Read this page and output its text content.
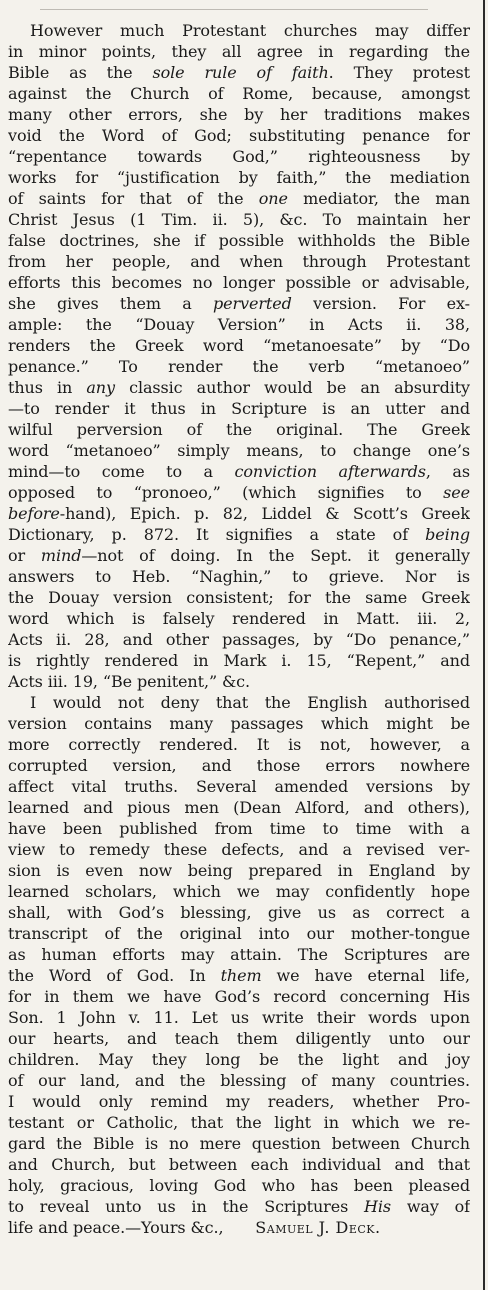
However much Protestant churches may differ
in minor points, they all agree in regarding the
Bible as the sole rule of faith. They protest
against the Church of Rome, because, amongst
many other errors, she by her traditions makes
void the Word of God; substituting penance for
“repentance towards God,” righteousness by
works for “justification by faith,” the mediation
of saints for that of the one mediator, the man
Christ Jesus (1 Tim. ii. 5), &c. To maintain her
false doctrines, she if possible withholds the Bible
from her people, and when through Protestant
efforts this becomes no longer possible or advisable,
she gives them a perverted version. For ex-
ample: the “Douay Version” in Acts ii. 38,
renders the Greek word “metanoesate” by “Do
penance.” To render the verb “metanoeo”
thus in any classic author would be an absurdity
—to render it thus in Scripture is an utter and
wilful perversion of the original. The Greek
word “metanoeo” simply means, to change one’s
mind—to come to a conviction afterwards, as
opposed to “pronoeo,” (which signifies to see
before-hand), Epich. p. 82, Liddel & Scott’s Greek
Dictionary, p. 872. It signifies a state of being
or mind—not of doing. In the Sept. it generally
answers to Heb. “Naghin,” to grieve. Nor is
the Douay version consistent; for the same Greek
word which is falsely rendered in Matt. iii. 2,
Acts ii. 28, and other passages, by “Do penance,”
is rightly rendered in Mark i. 15, “Repent,” and
Acts iii. 19, “Be penitent,” &c.
I would not deny that the English authorised
version contains many passages which might be
more correctly rendered. It is not, however, a
corrupted version, and those errors nowhere
affect vital truths. Several amended versions by
learned and pious men (Dean Alford, and others),
have been published from time to time with a
view to remedy these defects, and a revised ver-
sion is even now being prepared in England by
learned scholars, which we may confidently hope
shall, with God’s blessing, give us as correct a
transcript of the original into our mother-tongue
as human efforts may attain. The Scriptures are
the Word of God. In them we have eternal life,
for in them we have God’s record concerning His
Son. 1 John v. 11. Let us write their words upon
our hearts, and teach them diligently unto our
children. May they long be the light and joy
of our land, and the blessing of many countries.
I would only remind my readers, whether Pro-
testant or Catholic, that the light in which we re-
gard the Bible is no mere question between Church
and Church, but between each individual and that
holy, gracious, loving God who has been pleased
to reveal unto us in the Scriptures His way of
life and peace.—Yours &c.,   Samuel J. Deck.
